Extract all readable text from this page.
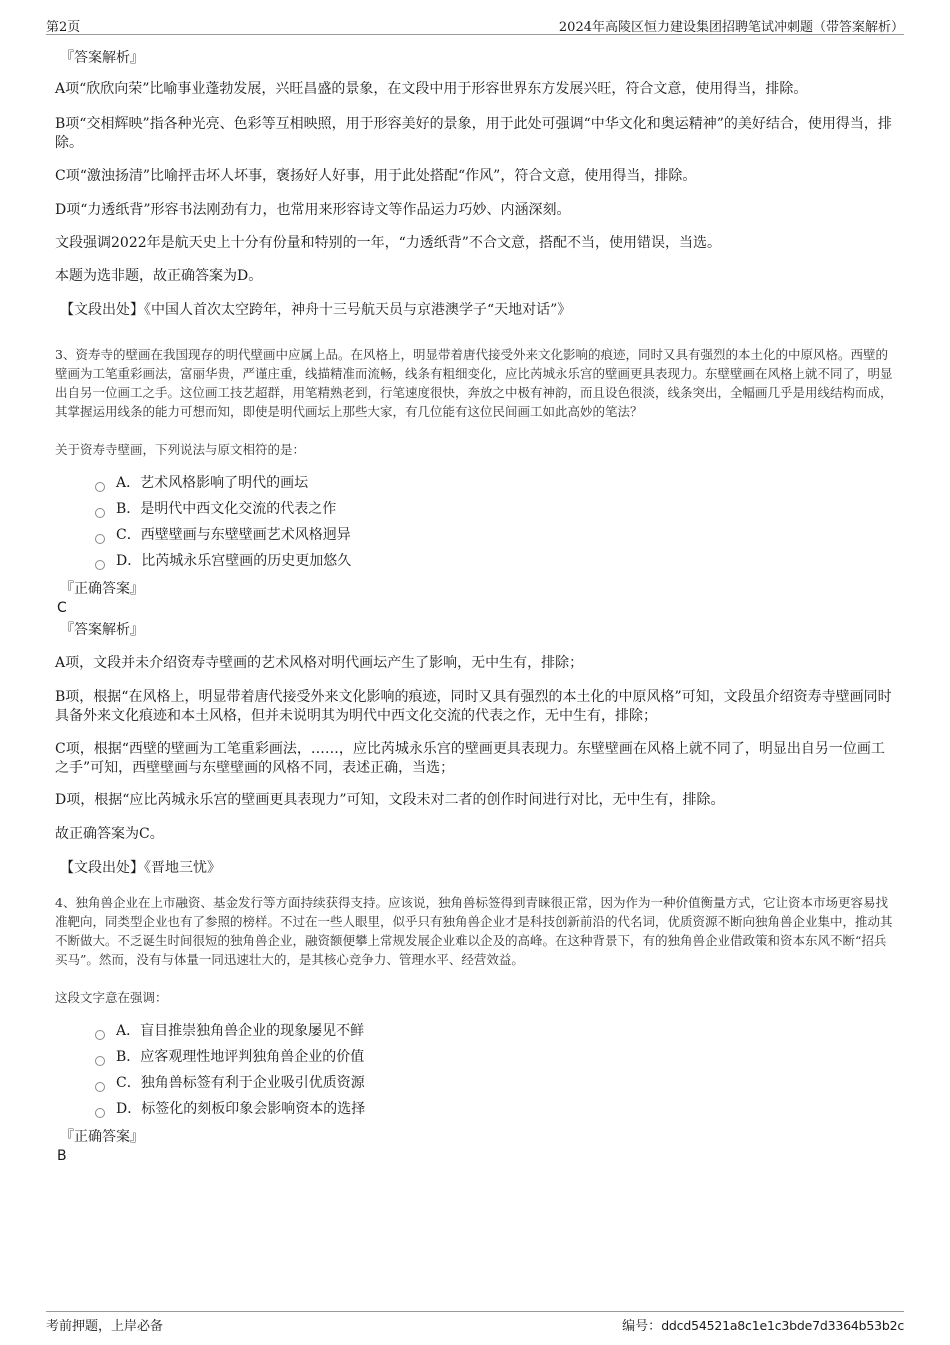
第2页	2024年高陵区恒力建设集团招聘笔试冲刺题（带答案解析）

『答案解析』

A项“欣欣向荣”比喻事业蓬勃发展，兴旺昌盛的景象，在文段中用于形容世界东方发展兴旺，符合文意，使用得当，排除。

B项“交相辉映”指各种光亮、色彩等互相映照，用于形容美好的景象，用于此处可强调“中华文化和奥运精神”的美好结合，使用得当，排除。

C项“激浊扬清”比喻抨击坏人坏事，褒扬好人好事，用于此处搭配“作风”，符合文意，使用得当，排除。

D项“力透纸背”形容书法刚劲有力，也常用来形容诗文等作品运力巧妙、内涵深刻。

文段强调2022年是航天史上十分有份量和特别的一年，“力透纸背”不合文意，搭配不当，使用错误，当选。

本题为选非题，故正确答案为D。

【文段出处】《中国人首次太空跨年，神舟十三号航天员与京港澳学子“天地对话”》

3、资寿寺的壁画在我国现存的明代壁画中应属上品。在风格上，明显带着唐代接受外来文化影响的痕迹，同时又具有强烈的本土化的中原风格。西壁的壁画为工笔重彩画法，富丽华贵，严谨庄重，线描精准而流畅，线条有粗细变化，应比芮城永乐宫的壁画更具表现力。东壁壁画在风格上就不同了，明显出自另一位画工之手。这位画工技艺超群，用笔精熟老到，行笔速度很快，奔放之中极有神韵，而且设色很淡，线条突出，全幅画几乎是用线结构而成，其掌握运用线条的能力可想而知，即使是明代画坛上那些大家，有几位能有这位民间画工如此高妙的笔法？

关于资寿寺壁画，下列说法与原文相符的是：

A． 艺术风格影响了明代的画坛
B． 是明代中西文化交流的代表之作
C． 西壁壁画与东壁壁画艺术风格迥异
D． 比芮城永乐宫壁画的历史更加悠久

『正确答案』

C

『答案解析』

A项，文段并未介绍资寿寺壁画的艺术风格对明代画坛产生了影响，无中生有，排除；

B项，根据“在风格上，明显带着唐代接受外来文化影响的痕迹，同时又具有强烈的本土化的中原风格”可知，文段虽介绍资寿寺壁画同时具备外来文化痕迹和本土风格，但并未说明其为明代中西文化交流的代表之作，无中生有，排除；

C项，根据“西壁的壁画为工笔重彩画法，……，应比芮城永乐宫的壁画更具表现力。东壁壁画在风格上就不同了，明显出自另一位画工之手”可知，西壁壁画与东壁壁画的风格不同，表述正确，当选；

D项，根据“应比芮城永乐宫的壁画更具表现力”可知，文段未对二者的创作时间进行对比，无中生有，排除。

故正确答案为C。

【文段出处】《晋地三忧》

4、独角兽企业在上市融资、基金发行等方面持续获得支持。应该说，独角兽标签得到青睐很正常，因为作为一种价值衡量方式，它让资本市场更容易找准靶向，同类型企业也有了参照的榜样。不过在一些人眼里，似乎只有独角兽企业才是科技创新前沿的代名词，优质资源不断向独角兽企业集中，推动其不断做大。不乏诞生时间很短的独角兽企业，融资额便攀上常规发展企业难以企及的高峰。在这种背景下，有的独角兽企业借政策和资本东风不断“招兵买马”。然而，没有与体量一同迅速壮大的，是其核心竞争力、管理水平、经营效益。

这段文字意在强调：

A． 盲目推崇独角兽企业的现象屡见不鲜
B． 应客观理性地评判独角兽企业的价值
C． 独角兽标签有利于企业吸引优质资源
D． 标签化的刻板印象会影响资本的选择

『正确答案』

B

考前押题，上岸必备	编号：ddcd54521a8c1e1c3bde7d3364b53b2c
